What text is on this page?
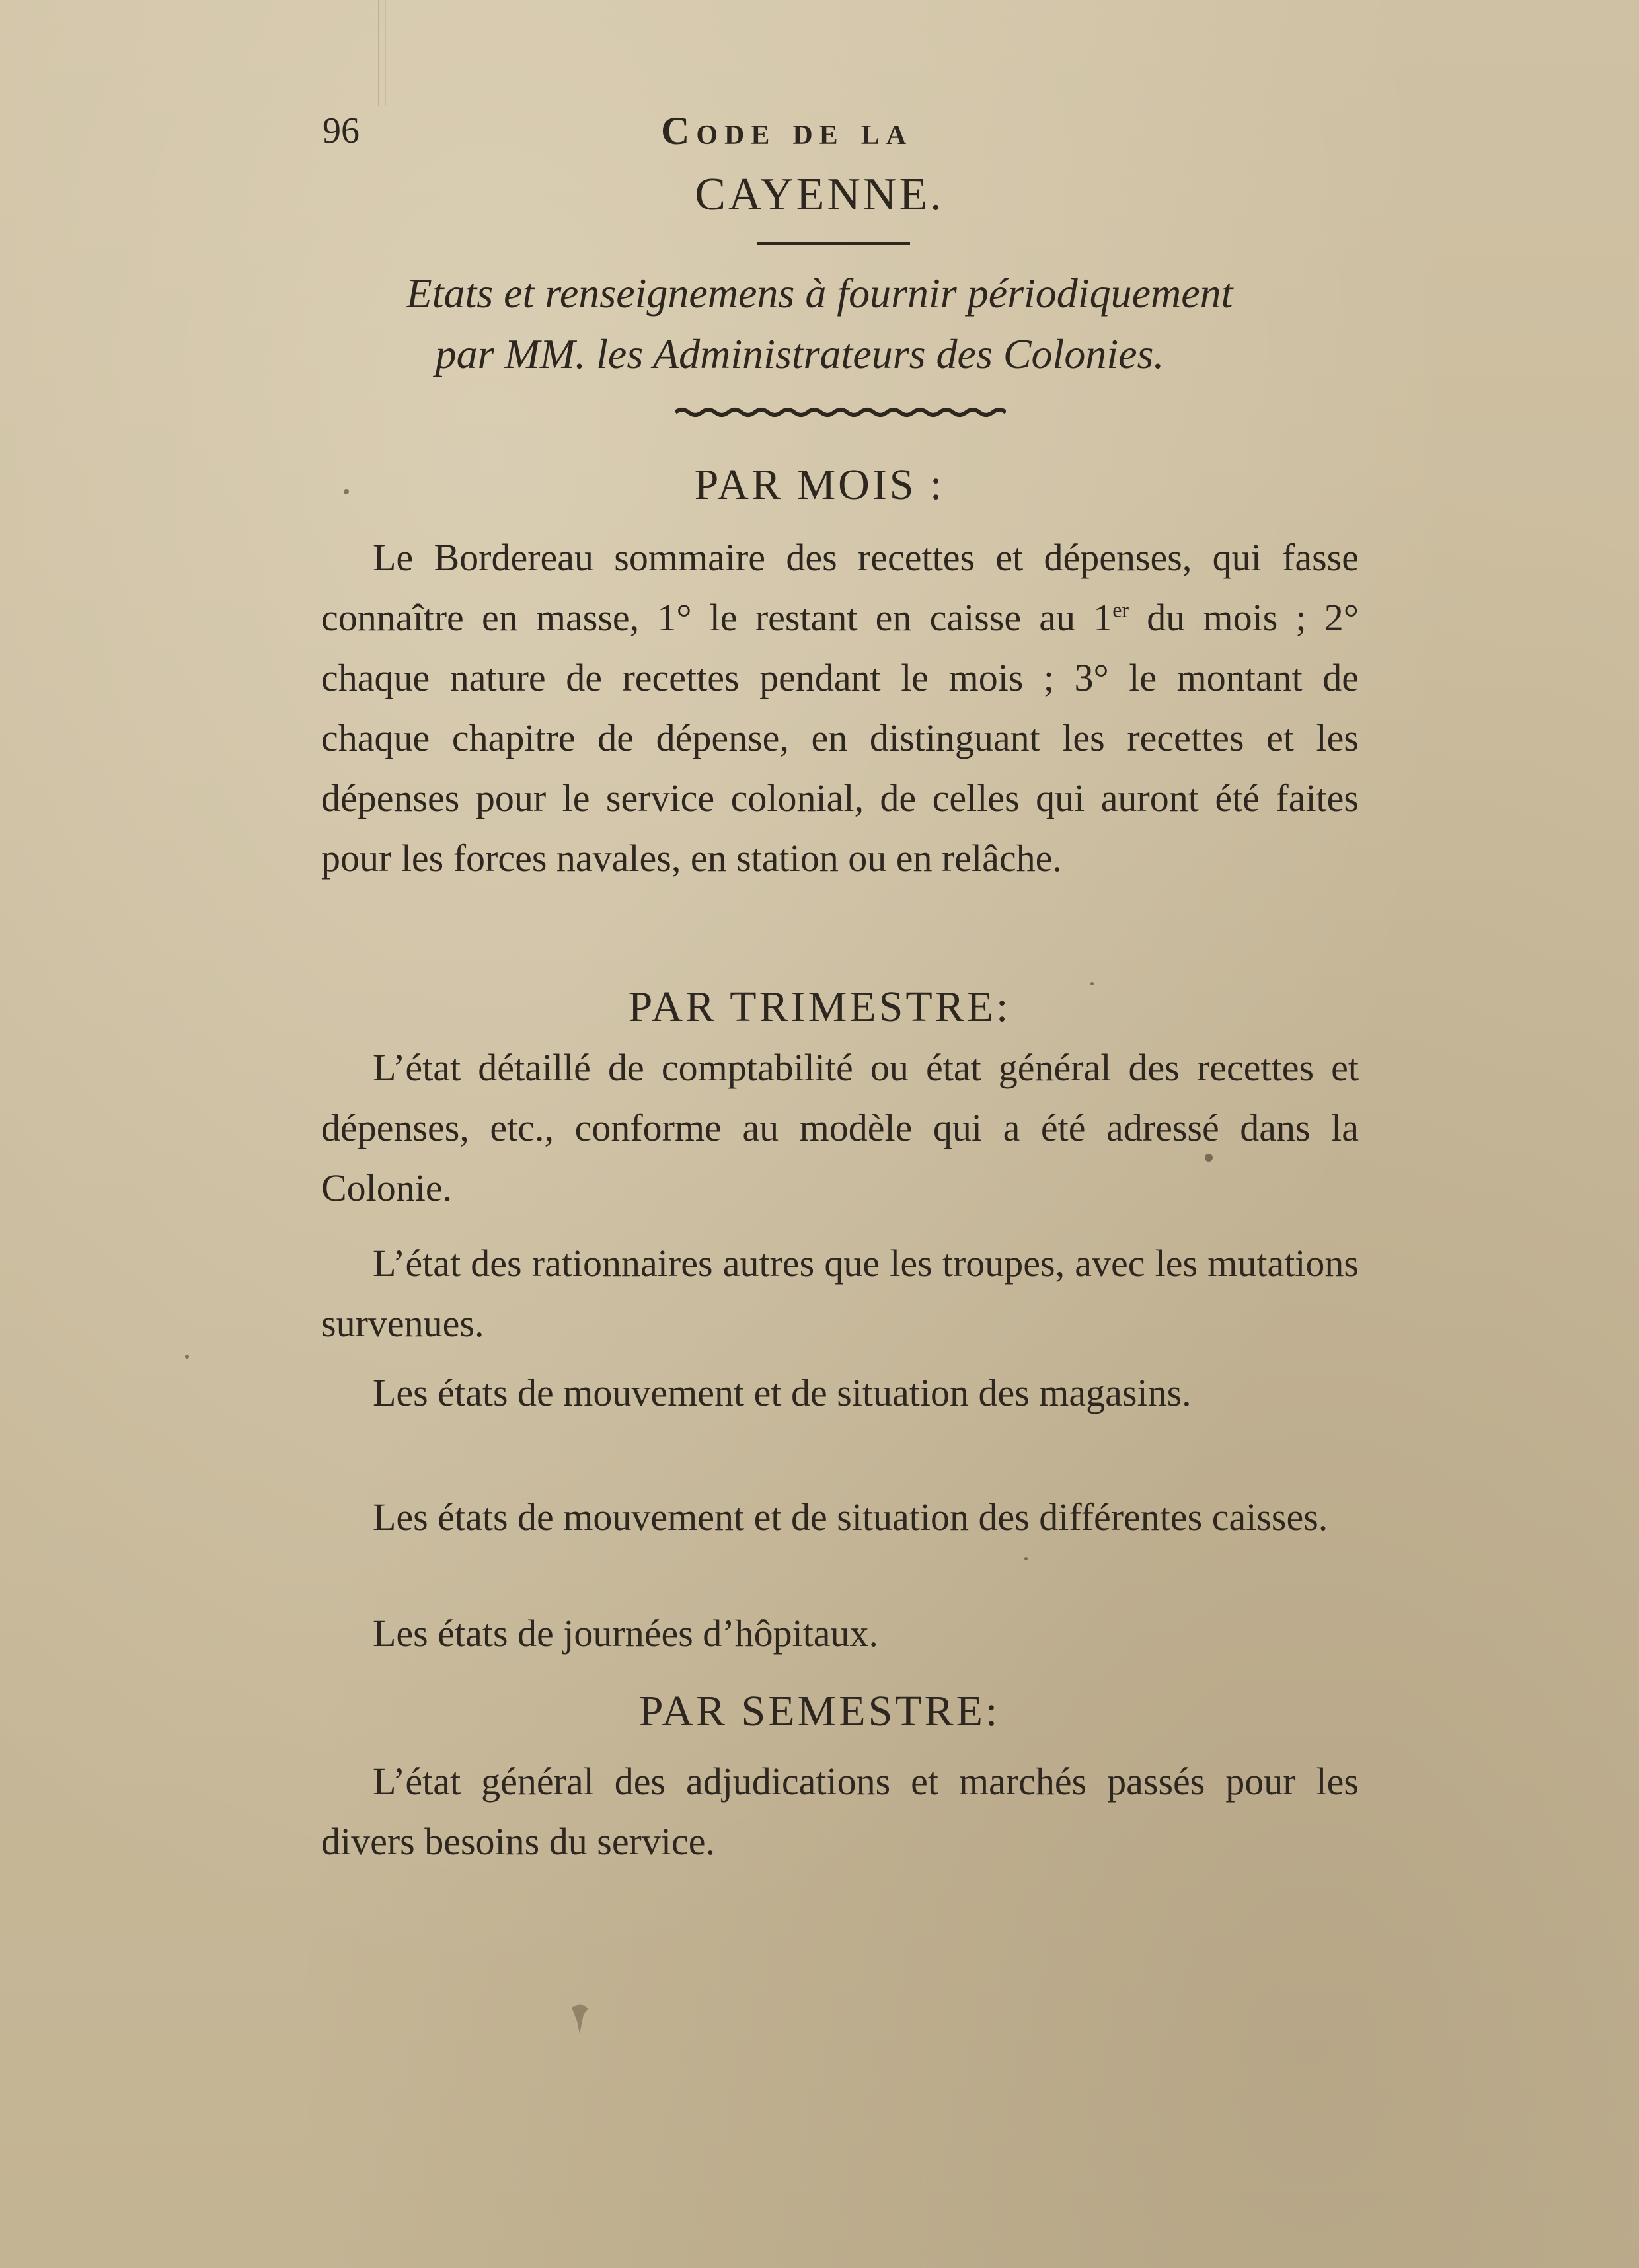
96	Code de la
CAYENNE.
Etats et renseignemens à fournir périodiquement
par MM. les Administrateurs des Colonies.
PAR MOIS :

Le Bordereau sommaire des recettes et dépenses, qui fasse connaître en masse, 1° le restant en caisse au 1er du mois ; 2° chaque nature de recettes pendant le mois ; 3° le montant de chaque chapitre de dépense, en distinguant les recettes et les dépenses pour le service colonial, de celles qui auront été faites pour les forces navales, en station ou en relâche.

PAR TRIMESTRE:

L’état détaillé de comptabilité ou état général des recettes et dépenses, etc., conforme au modèle qui a été adressé dans la Colonie.

L’état des rationnaires autres que les troupes, avec les mutations survenues.

Les états de mouvement et de situation des magasins.

Les états de mouvement et de situation des différentes caisses.

Les états de journées d’hôpitaux.

PAR SEMESTRE:

L’état général des adjudications et marchés passés pour les divers besoins du service.
